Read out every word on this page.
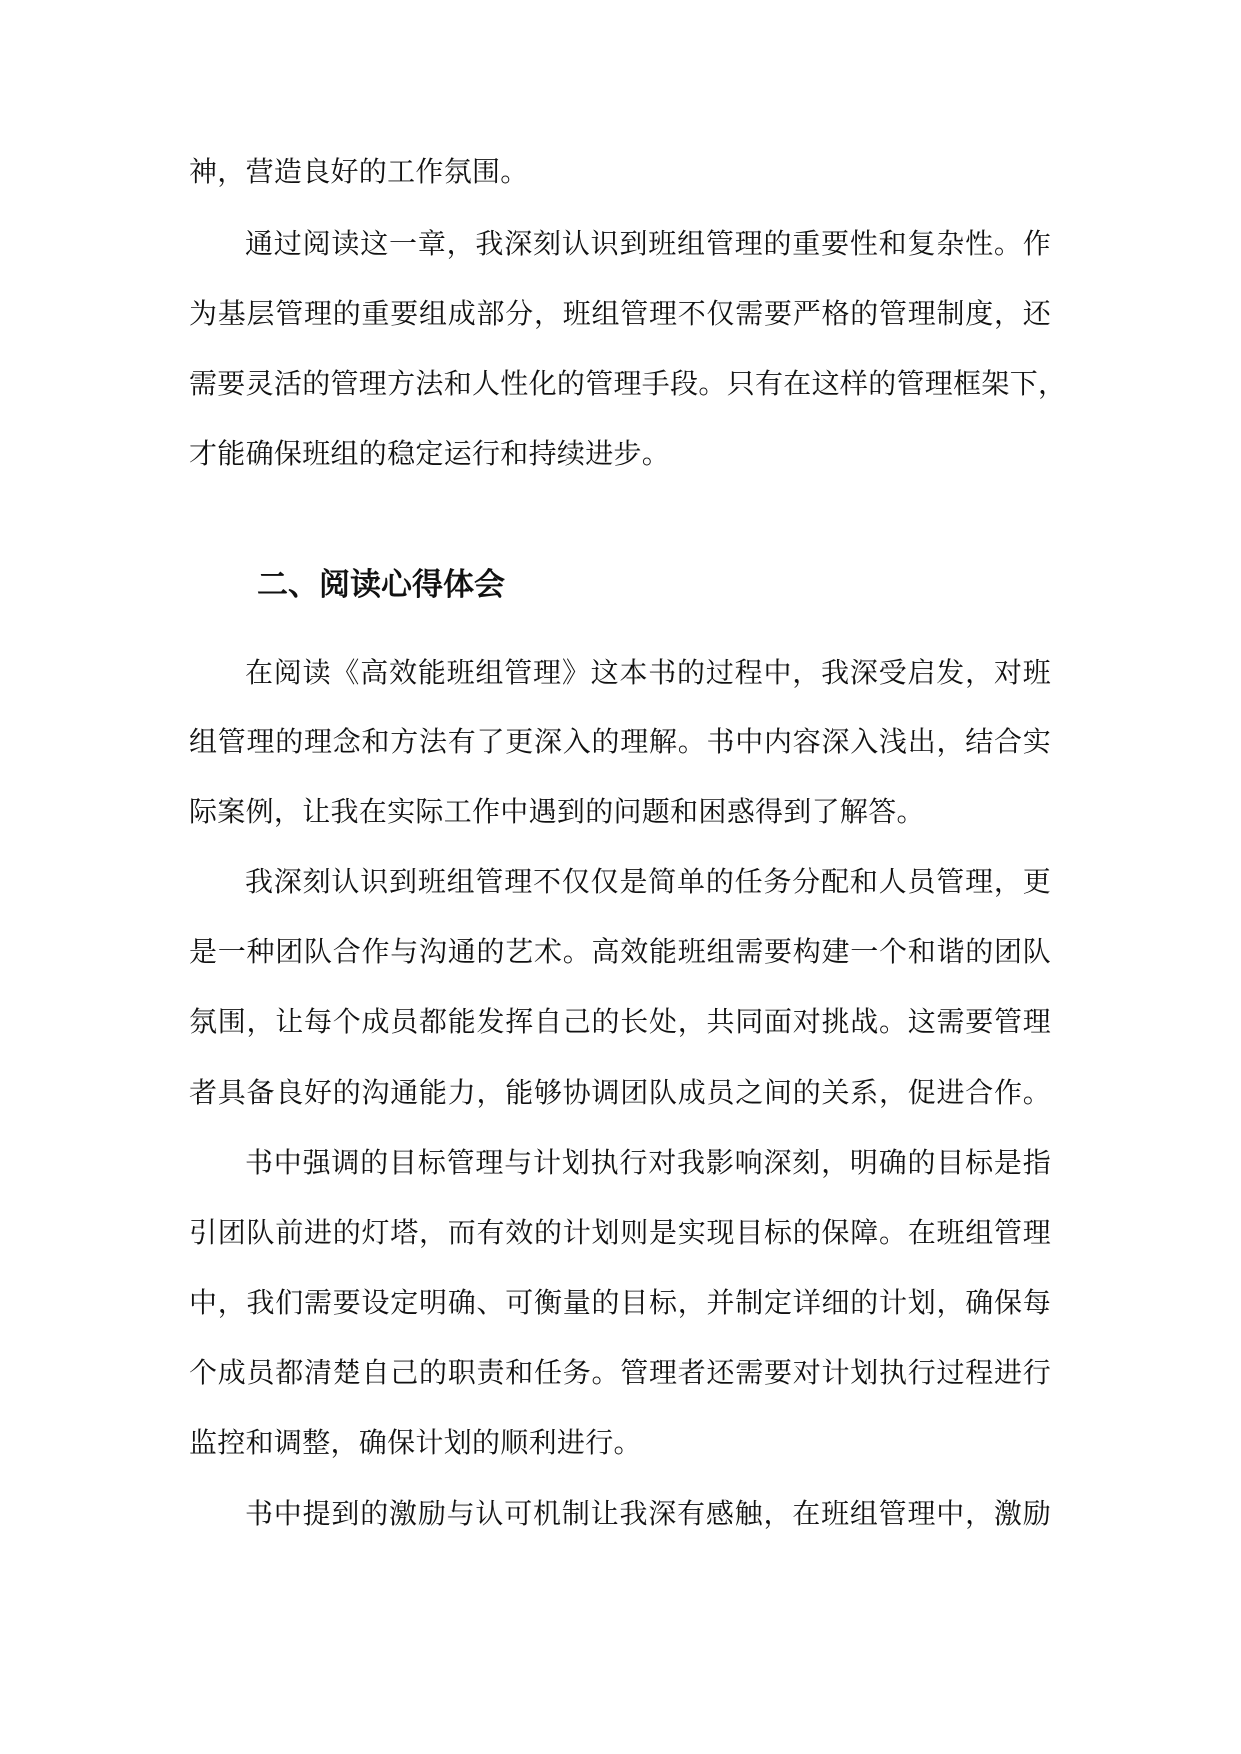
神，营造良好的工作氛围。
通过阅读这一章，我深刻认识到班组管理的重要性和复杂性。作
为基层管理的重要组成部分，班组管理不仅需要严格的管理制度，还
需要灵活的管理方法和人性化的管理手段。只有在这样的管理框架下，
才能确保班组的稳定运行和持续进步。
二、阅读心得体会
在阅读《高效能班组管理》这本书的过程中，我深受启发，对班
组管理的理念和方法有了更深入的理解。书中内容深入浅出，结合实
际案例，让我在实际工作中遇到的问题和困惑得到了解答。
我深刻认识到班组管理不仅仅是简单的任务分配和人员管理，更
是一种团队合作与沟通的艺术。高效能班组需要构建一个和谐的团队
氛围，让每个成员都能发挥自己的长处，共同面对挑战。这需要管理
者具备良好的沟通能力，能够协调团队成员之间的关系，促进合作。
书中强调的目标管理与计划执行对我影响深刻，明确的目标是指
引团队前进的灯塔，而有效的计划则是实现目标的保障。在班组管理
中，我们需要设定明确、可衡量的目标，并制定详细的计划，确保每
个成员都清楚自己的职责和任务。管理者还需要对计划执行过程进行
监控和调整，确保计划的顺利进行。
书中提到的激励与认可机制让我深有感触，在班组管理中，激励
